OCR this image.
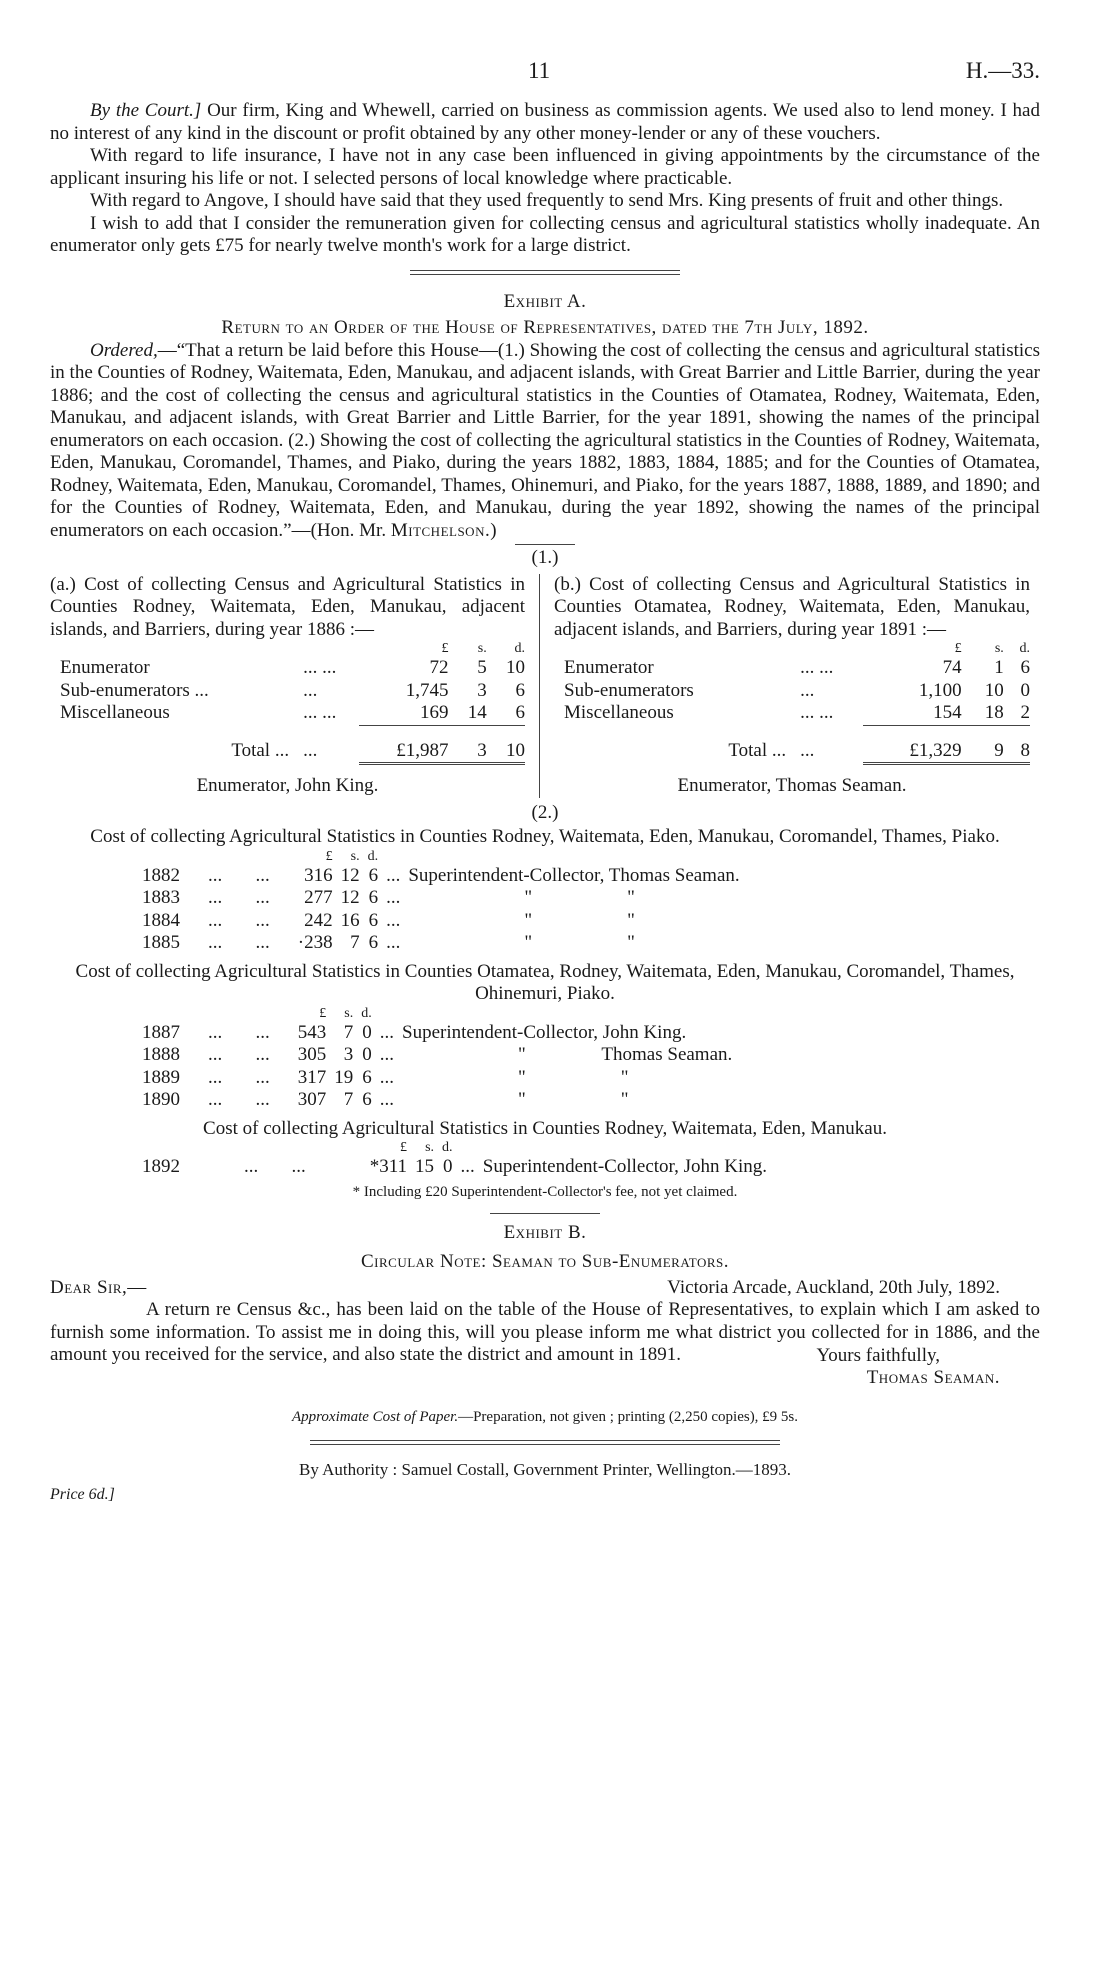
11	H.—33.

By the Court.] Our firm, King and Whewell, carried on business as commission agents. We used also to lend money. I had no interest of any kind in the discount or profit obtained by any other money-lender or any of these vouchers.

With regard to life insurance, I have not in any case been influenced in giving appointments by the circumstance of the applicant insuring his life or not. I selected persons of local knowledge where practicable.

With regard to Angove, I should have said that they used frequently to send Mrs. King presents of fruit and other things.

I wish to add that I consider the remuneration given for collecting census and agricultural statistics wholly inadequate. An enumerator only gets £75 for nearly twelve month's work for a large district.

Exhibit A.

Return to an Order of the House of Representatives, dated the 7th July, 1892.

Ordered,—“That a return be laid before this House—(1.) Showing the cost of collecting the census and agricultural statistics in the Counties of Rodney, Waitemata, Eden, Manukau, and adjacent islands, with Great Barrier and Little Barrier, during the year 1886; and the cost of collecting the census and agricultural statistics in the Counties of Otamatea, Rodney, Waitemata, Eden, Manukau, and adjacent islands, with Great Barrier and Little Barrier, for the year 1891, showing the names of the principal enumerators on each occasion. (2.) Showing the cost of collecting the agricultural statistics in the Counties of Rodney, Waitemata, Eden, Manukau, Coromandel, Thames, and Piako, during the years 1882, 1883, 1884, 1885; and for the Counties of Otamatea, Rodney, Waitemata, Eden, Manukau, Coromandel, Thames, Ohinemuri, and Piako, for the years 1887, 1888, 1889, and 1890; and for the Counties of Rodney, Waitemata, Eden, and Manukau, during the year 1892, showing the names of the principal enumerators on each occasion.”—(Hon. Mr. Mitchelson.)

(1.)

(a.) Cost of collecting Census and Agricultural Statistics in Counties Rodney, Waitemata, Eden, Manukau, adjacent islands, and Barriers, during year 1886 :—

		£	s.	d.
Enumerator	... ...	72	5	10
Sub-enumerators ...	...	1,745	3	6
Miscellaneous	... ...	169	14	6
Total ...	...	£1,987	3	10

Enumerator, John King.

(b.) Cost of collecting Census and Agricultural Statistics in Counties Otamatea, Rodney, Waitemata, Eden, Manukau, adjacent islands, and Barriers, during year 1891 :—

		£	s.	d.
Enumerator	... ...	74	1	6
Sub-enumerators	...	1,100	10	0
Miscellaneous	... ...	154	18	2
Total ...	...	£1,329	9	8

Enumerator, Thomas Seaman.

(2.)

Cost of collecting Agricultural Statistics in Counties Rodney, Waitemata, Eden, Manukau, Coromandel, Thames, Piako.

		£	s.	d.		
1882	...       ...	316	12	6	...	Superintendent-Collector, Thomas Seaman.
1883	...       ...	277	12	6	...	"                    "
1884	...       ...	242	16	6	...	"                    "
1885	...       ...	·238	7	6	...	"                    "

Cost of collecting Agricultural Statistics in Counties Otamatea, Rodney, Waitemata, Eden, Manukau, Coromandel, Thames, Ohinemuri, Piako.

		£	s.	d.		
1887	...       ...	543	7	0	...	Superintendent-Collector, John King.
1888	...       ...	305	3	0	...	"                Thomas Seaman.
1889	...       ...	317	19	6	...	"                    "
1890	...       ...	307	7	6	...	"                    "

Cost of collecting Agricultural Statistics in Counties Rodney, Waitemata, Eden, Manukau.

		£	s.	d.		
1892	...       ...	*311	15	0	...	Superintendent-Collector, John King.

* Including £20 Superintendent-Collector's fee, not yet claimed.

Exhibit B.

Circular Note: Seaman to Sub-Enumerators.

Dear Sir,—	Victoria Arcade, Auckland, 20th July, 1892.

A return re Census &c., has been laid on the table of the House of Representatives, to explain which I am asked to furnish some information. To assist me in doing this, will you please inform me what district you collected for in 1886, and the amount you received for the service, and also state the district and amount in 1891.	Yours faithfully,

Thomas Seaman.

Approximate Cost of Paper.—Preparation, not given ; printing (2,250 copies), £9 5s.

By Authority : Samuel Costall, Government Printer, Wellington.—1893.

Price 6d.]
